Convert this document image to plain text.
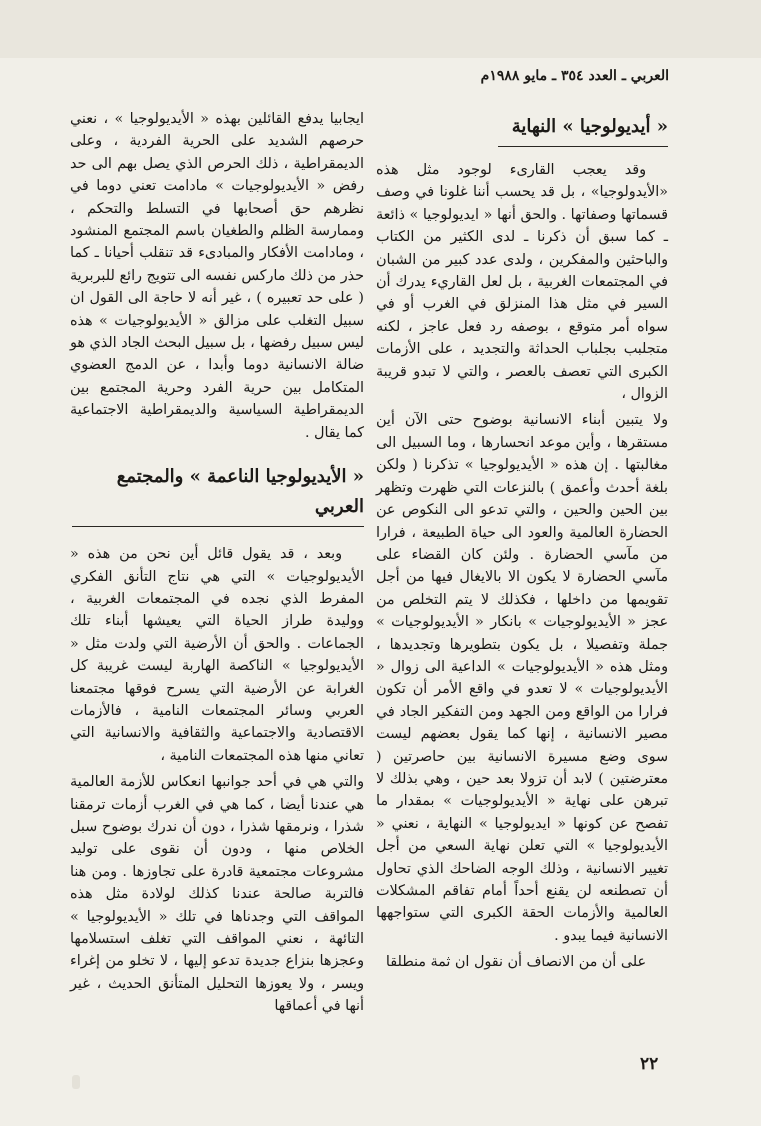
العربي ـ العدد ٣٥٤ ـ مايو ١٩٨٨م
« أيديولوجيا » النهاية

وقد يعجب القارىء لوجود مثل هذه «الأيدولوجيا» ، بل قد يحسب أننا غلونا في وصف قسماتها وصفاتها . والحق أنها « ايديولوجيا » ذائعة ـ كما سبق أن ذكرنا ـ لدى الكثير من الكتاب والباحثين والمفكرين ، ولدى عدد كبير من الشبان في المجتمعات الغربية ، بل لعل القاريء يدرك أن السير في مثل هذا المنزلق في الغرب أو في سواه أمر متوقع ، بوصفه رد فعل عاجز ، لكنه متجلبب بجلباب الحداثة والتجديد ، على الأزمات الكبرى التي تعصف بالعصر ، والتي لا تبدو قريبة الزوال ،

ولا يتبين أبناء الانسانية بوضوح حتى الآن أين مستقرها ، وأين موعد انحسارها ، وما السبيل الى مغالبتها . إن هذه « الأيديولوجيا » تذكرنا ( ولكن بلغة أحدث وأعمق ) بالنزعات التي ظهرت وتظهر بين الحين والحين ، والتي تدعو الى النكوص عن الحضارة العالمية والعود الى حياة الطبيعة ، فرارا من مآسي الحضارة . ولئن كان القضاء على مآسي الحضارة لا يكون الا بالايغال فيها من أجل تقويمها من داخلها ، فكذلك لا يتم التخلص من عجز « الأيديولوجيات » بانكار « الأيديولوجيات » جملة وتفصيلا ، بل يكون بتطويرها وتجديدها ، ومثل هذه « الأيديولوجيات » الداعية الى زوال « الأيديولوجيات » لا تعدو في واقع الأمر أن تكون فرارا من الواقع ومن الجهد ومن التفكير الجاد في مصير الانسانية ، إنها كما يقول بعضهم ليست سوى وضع مسيرة الانسانية بين حاصرتين ( معترضتين ) لابد أن تزولا بعد حين ، وهي بذلك لا تبرهن على نهاية « الأيديولوجيات » بمقدار ما تفصح عن كونها « ايديولوجيا » النهاية ، نعني « الأيديولوجيا » التي تعلن نهاية السعي من أجل تغيير الانسانية ، وذلك الوجه الضاحك الذي تحاول أن تصطنعه لن يقنع أحداً أمام تفاقم المشكلات العالمية والأزمات الحقة الكبرى التي ستواجهها الانسانية فيما يبدو .

على أن من الانصاف أن نقول ان ثمة منطلقا

ايجابيا يدفع القائلين بهذه « الأيديولوجيا » ، نعني حرصهم الشديد على الحرية الفردية ، وعلى الديمقراطية ، ذلك الحرص الذي يصل بهم الى حد رفض « الأيديولوجيات » مادامت تعني دوما في نظرهم حق أصحابها في التسلط والتحكم ، وممارسة الظلم والطغيان باسم المجتمع المنشود ، ومادامت الأفكار والمبادىء قد تنقلب أحيانا ـ كما حذر من ذلك ماركس نفسه الى تتويج رائع للبربرية ( على حد تعبيره ) ، غير أنه لا حاجة الى القول ان سبيل التغلب على مزالق « الأيديولوجيات » هذه ليس سبيل رفضها ، بل سبيل البحث الجاد الذي هو ضالة الانسانية دوما وأبدا ، عن الدمج العضوي المتكامل بين حرية الفرد وحرية المجتمع بين الديمقراطية السياسية والديمقراطية الاجتماعية كما يقال .

« الأيديولوجيا الناعمة » والمجتمع العربي

وبعد ، قد يقول قائل أين نحن من هذه « الأيديولوجيات » التي هي نتاج التأنق الفكري المفرط الذي نجده في المجتمعات الغربية ، ووليدة طراز الحياة التي يعيشها أبناء تلك الجماعات . والحق أن الأرضية التي ولدت مثل « الأيديولوجيا » الناكصة الهاربة ليست غريبة كل الغرابة عن الأرضية التي يسرح فوقها مجتمعنا العربي وسائر المجتمعات النامية ، فالأزمات الاقتصادية والاجتماعية والثقافية والانسانية التي تعاني منها هذه المجتمعات النامية ،

والتي هي في أحد جوانبها انعكاس للأزمة العالمية هي عندنا أيضا ، كما هي في الغرب أزمات ترمقنا شذرا ، ونرمقها شذرا ، دون أن ندرك بوضوح سبل الخلاص منها ، ودون أن نقوى على توليد مشروعات مجتمعية قادرة على تجاوزها . ومن هنا فالتربة صالحة عندنا كذلك لولادة مثل هذه المواقف التي وجدناها في تلك « الأيديولوجيا » التائهة ، نعني المواقف التي تغلف استسلامها وعجزها بنزاع جديدة تدعو إليها ، لا تخلو من إغراء ويسر ، ولا يعوزها التحليل المتأنق الحديث ، غير أنها في أعماقها

٢٢
